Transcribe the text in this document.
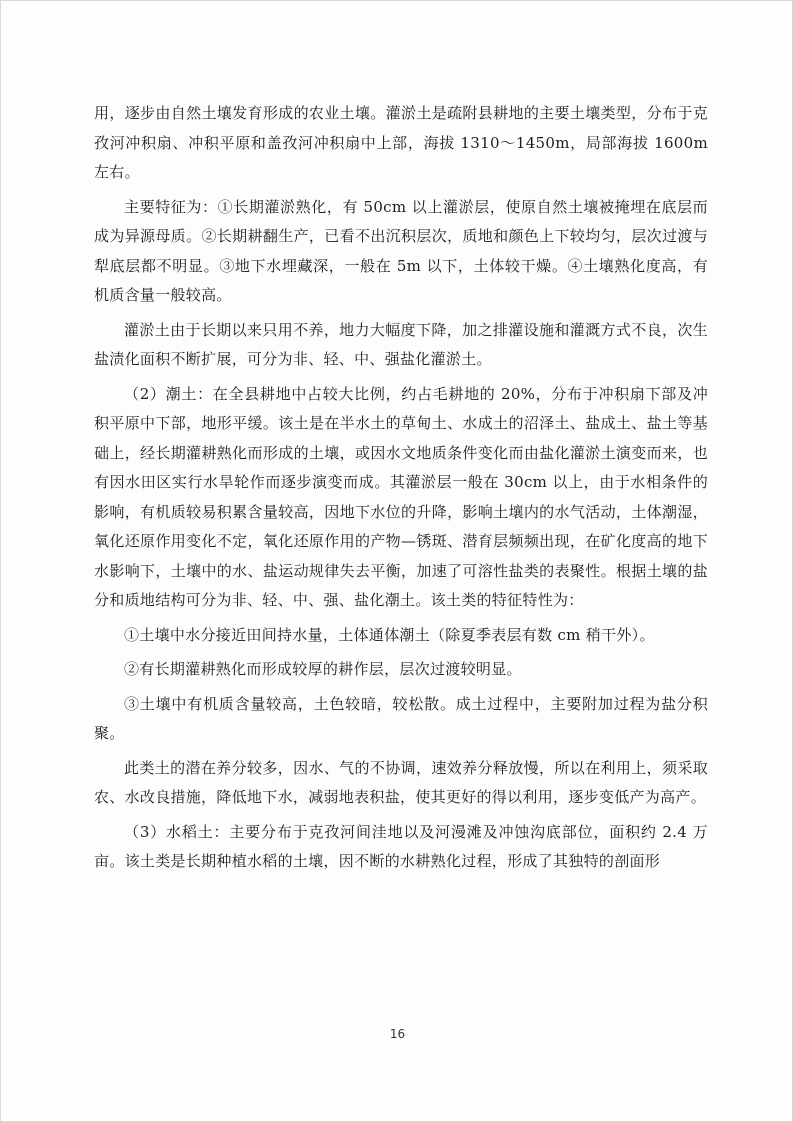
用，逐步由自然土壤发育形成的农业土壤。灌淤土是疏附县耕地的主要土壤类型，分布于克孜河冲积扇、冲积平原和盖孜河冲积扇中上部，海拔 1310～1450m，局部海拔 1600m 左右。

主要特征为：①长期灌淤熟化，有 50cm 以上灌淤层，使原自然土壤被掩埋在底层而成为异源母质。②长期耕翻生产，已看不出沉积层次，质地和颜色上下较均匀，层次过渡与犁底层都不明显。③地下水埋藏深，一般在 5m 以下，土体较干燥。④土壤熟化度高，有机质含量一般较高。

灌淤土由于长期以来只用不养，地力大幅度下降，加之排灌设施和灌溉方式不良，次生盐渍化面积不断扩展，可分为非、轻、中、强盐化灌淤土。

（2）潮土：在全县耕地中占较大比例，约占毛耕地的 20%，分布于冲积扇下部及冲积平原中下部，地形平缓。该土是在半水土的草甸土、水成土的沼泽土、盐成土、盐土等基础上，经长期灌耕熟化而形成的土壤，或因水文地质条件变化而由盐化灌淤土演变而来，也有因水田区实行水旱轮作而逐步演变而成。其灌淤层一般在 30cm 以上，由于水相条件的影响，有机质较易积累含量较高，因地下水位的升降，影响土壤内的水气活动，土体潮湿，氧化还原作用变化不定，氧化还原作用的产物—锈斑、潜育层频频出现，在矿化度高的地下水影响下，土壤中的水、盐运动规律失去平衡，加速了可溶性盐类的表聚性。根据土壤的盐分和质地结构可分为非、轻、中、强、盐化潮土。该土类的特征特性为：

①土壤中水分接近田间持水量，土体通体潮土（除夏季表层有数 cm 稍干外）。

②有长期灌耕熟化而形成较厚的耕作层，层次过渡较明显。

③土壤中有机质含量较高，土色较暗，较松散。成土过程中，主要附加过程为盐分积聚。

此类土的潜在养分较多，因水、气的不协调，速效养分释放慢，所以在利用上，须采取农、水改良措施，降低地下水，减弱地表积盐，使其更好的得以利用，逐步变低产为高产。

（3）水稻土：主要分布于克孜河间洼地以及河漫滩及冲蚀沟底部位，面积约 2.4 万亩。该土类是长期种植水稻的土壤，因不断的水耕熟化过程，形成了其独特的剖面形

16
